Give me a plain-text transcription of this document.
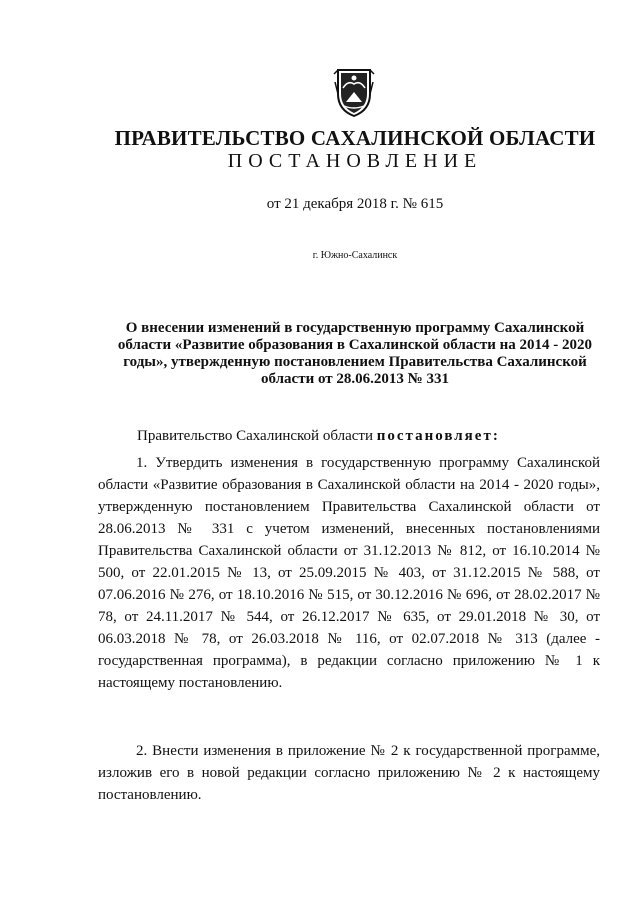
ПРАВИТЕЛЬСТВО САХАЛИНСКОЙ ОБЛАСТИ
ПОСТАНОВЛЕНИЕ
от 21 декабря 2018 г. № 615
г. Южно-Сахалинск
О внесении изменений в государственную программу Сахалинской области «Развитие образования в Сахалинской области на 2014 - 2020 годы», утвержденную постановлением Правительства Сахалинской области от 28.06.2013 № 331
Правительство Сахалинской области постановляет:
1. Утвердить изменения в государственную программу Сахалинской области «Развитие образования в Сахалинской области на 2014 - 2020 годы», утвержденную постановлением Правительства Сахалинской области от 28.06.2013 № 331 с учетом изменений, внесенных постановлениями Правительства Сахалинской области от 31.12.2013 № 812, от 16.10.2014 № 500, от 22.01.2015 № 13, от 25.09.2015 № 403, от 31.12.2015 № 588, от 07.06.2016 № 276, от 18.10.2016 № 515, от 30.12.2016 № 696, от 28.02.2017 № 78, от 24.11.2017 № 544, от 26.12.2017 № 635, от 29.01.2018 № 30, от 06.03.2018 № 78, от 26.03.2018 № 116, от 02.07.2018 № 313 (далее - государственная программа), в редакции согласно приложению № 1 к настоящему постановлению.
2. Внести изменения в приложение № 2 к государственной программе, изложив его в новой редакции согласно приложению № 2 к настоящему постановлению.
